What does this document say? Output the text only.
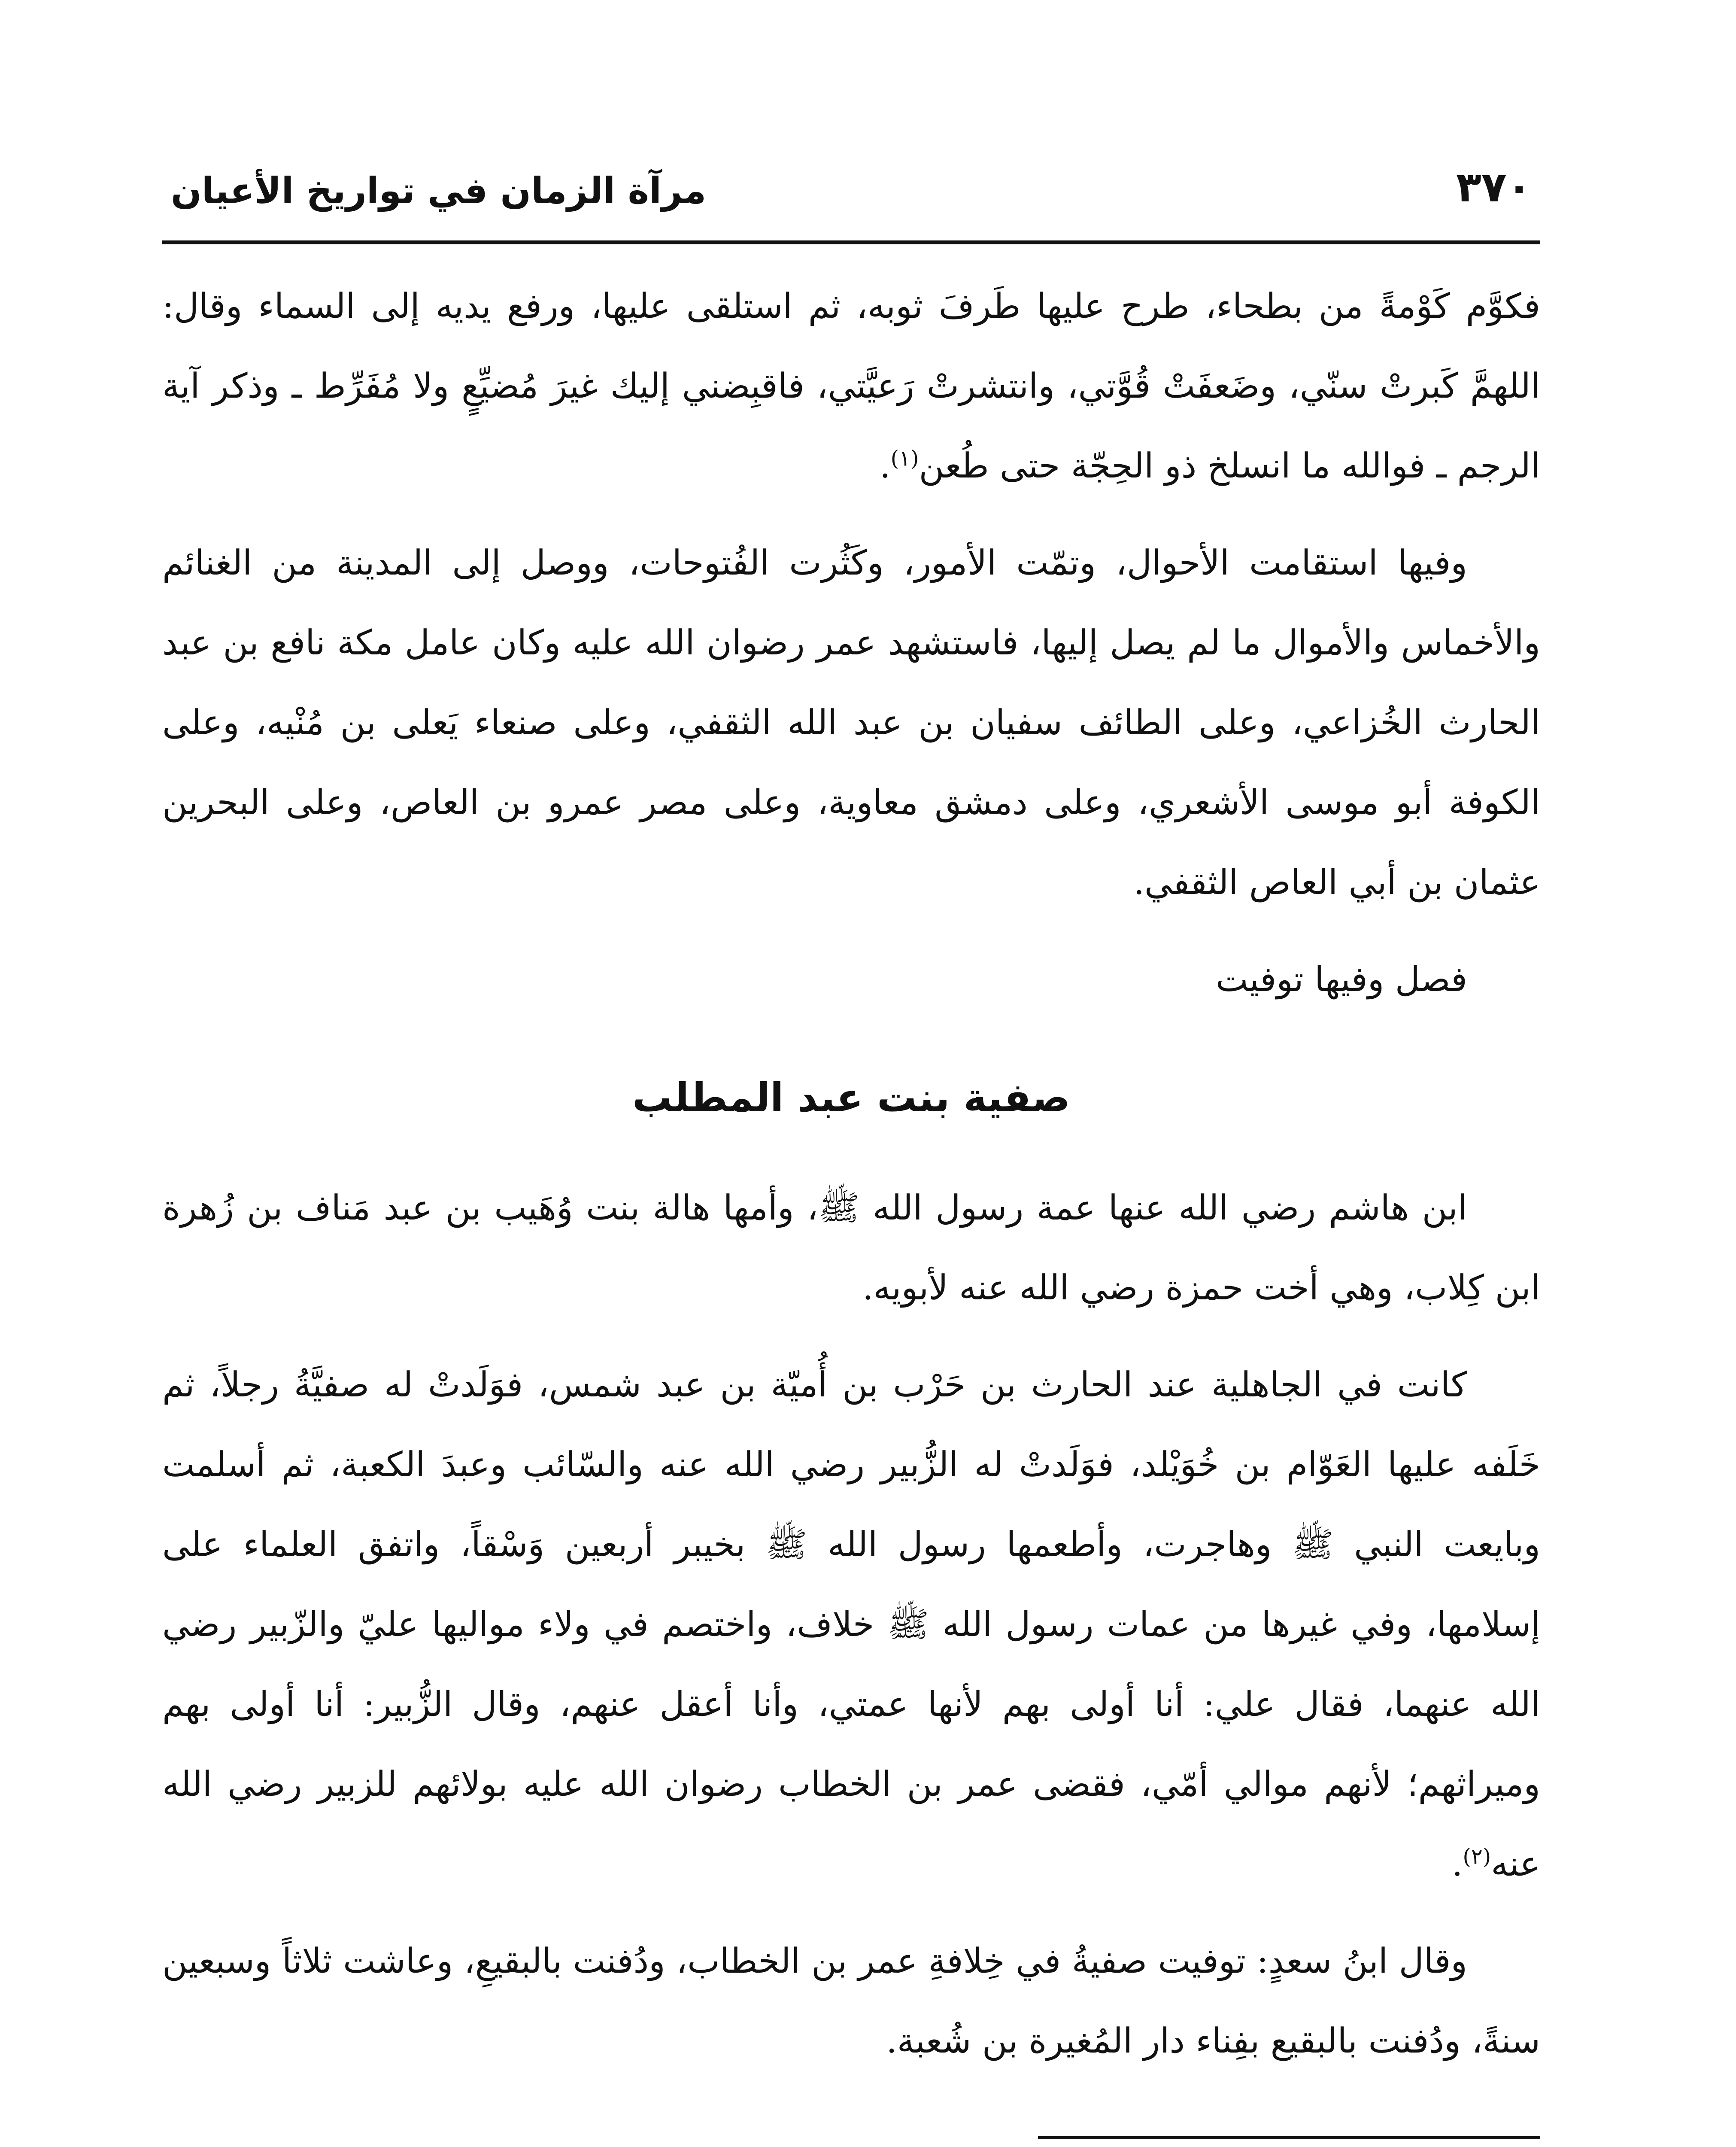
٣٧٠
مرآة الزمان في تواريخ الأعيان

فكوَّم كَوْمةً من بطحاء، طرح عليها طَرفَ ثوبه، ثم استلقى عليها، ورفع يديه إلى السماء وقال: اللهمَّ كَبرتْ سنّي، وضَعفَتْ قُوَّتي، وانتشرتْ رَعيَّتي، فاقبِضني إليك غيرَ مُضيِّعٍ ولا مُفَرِّط ـ وذكر آية الرجم ـ فوالله ما انسلخ ذو الحِجّة حتى طُعن$^{(١)}$.

وفيها استقامت الأحوال، وتمّت الأمور، وكَثُرت الفُتوحات، ووصل إلى المدينة من الغنائم والأخماس والأموال ما لم يصل إليها، فاستشهد عمر رضوان الله عليه وكان عامل مكة نافع بن عبد الحارث الخُزاعي، وعلى الطائف سفيان بن عبد الله الثقفي، وعلى صنعاء يَعلى بن مُنْيه، وعلى الكوفة أبو موسى الأشعري، وعلى دمشق معاوية، وعلى مصر عمرو بن العاص، وعلى البحرين عثمان بن أبي العاص الثقفي.

فصل وفيها توفيت

صفية بنت عبد المطلب

ابن هاشم رضي الله عنها عمة رسول الله ﷺ، وأمها هالة بنت وُهَيب بن عبد مَناف بن زُهرة ابن كِلاب، وهي أخت حمزة رضي الله عنه لأبويه.

كانت في الجاهلية عند الحارث بن حَرْب بن أُميّة بن عبد شمس، فوَلَدتْ له صفيَّةُ رجلاً، ثم خَلَفه عليها العَوّام بن خُوَيْلد، فوَلَدتْ له الزُّبير رضي الله عنه والسّائب وعبدَ الكعبة، ثم أسلمت وبايعت النبي ﷺ وهاجرت، وأطعمها رسول الله ﷺ بخيبر أربعين وَسْقاً، واتفق العلماء على إسلامها، وفي غيرها من عمات رسول الله ﷺ خلاف، واختصم في ولاء مواليها عليّ والزّبير رضي الله عنهما، فقال علي: أنا أولى بهم لأنها عمتي، وأنا أعقل عنهم، وقال الزُّبير: أنا أولى بهم وميراثهم؛ لأنهم موالي أمّي، فقضى عمر بن الخطاب رضوان الله عليه بولائهم للزبير رضي الله عنه$^{(٢)}$.

وقال ابنُ سعدٍ: توفيت صفيةُ في خِلافةِ عمر بن الخطاب، ودُفنت بالبقيعِ، وعاشت ثلاثاً وسبعين سنةً، ودُفنت بالبقيع بفِناء دار المُغيرة بن شُعبة.
